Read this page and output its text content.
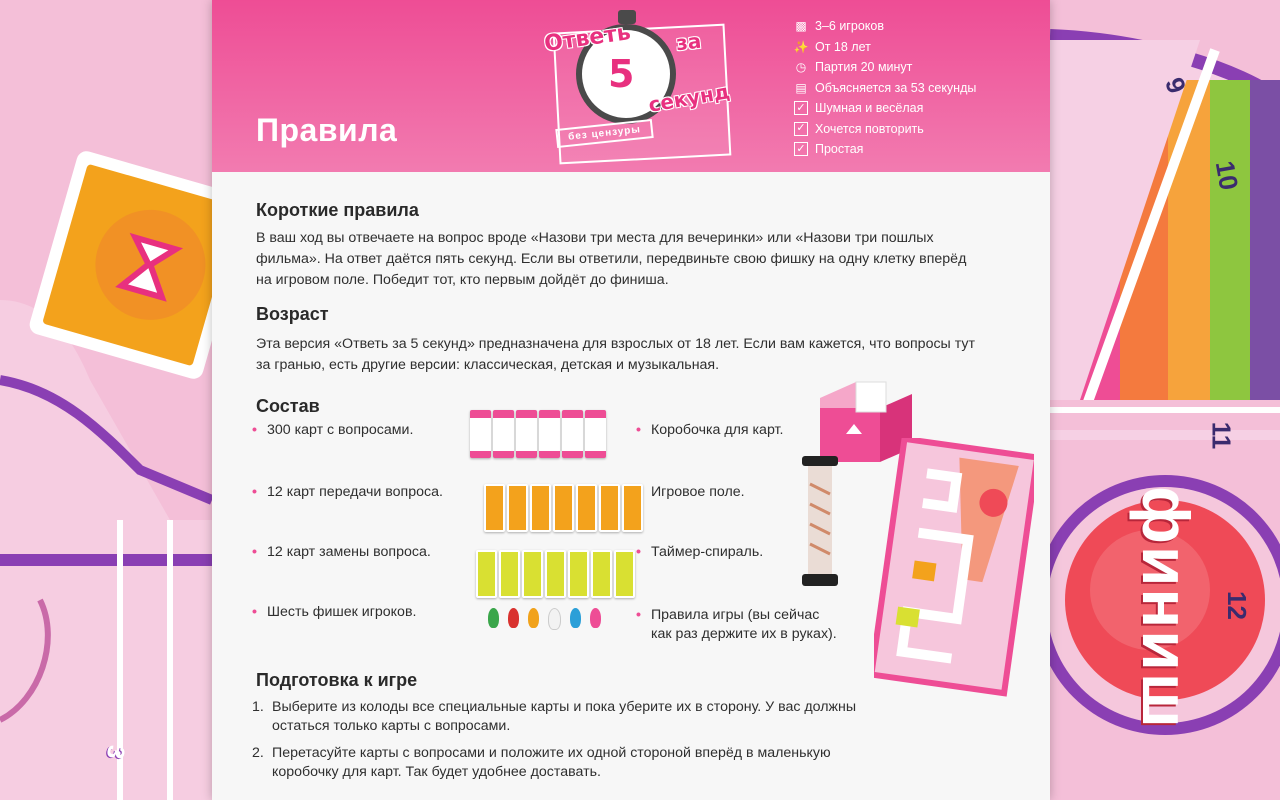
9
10
11
12
3
финиш
Правила
Ответь за
5
секунд
без цензуры
▩ 3–6 игроков
✨ От 18 лет
◷ Партия 20 минут
▤ Объясняется за 53 секунды
✓ Шумная и весёлая
✓ Хочется повторить
✓ Простая
Короткие правила
В ваш ход вы отвечаете на вопрос вроде «Назови три места для вечеринки» или «Назови три пошлых фильма». На ответ даётся пять секунд. Если вы ответили, передвиньте свою фишку на одну клетку вперёд на игровом поле. Победит тот, кто первым дойдёт до финиша.
Возраст
Эта версия «Ответь за 5 секунд» предназначена для взрослых от 18 лет. Если вам кажется, что вопросы тут за гранью, есть другие версии: классическая, детская и музыкальная.
Состав
• 300 карт с вопросами.
• 12 карт передачи вопроса.
• 12 карт замены вопроса.
• Шесть фишек игроков.
• Коробочка для карт.
Игровое поле.
• Таймер-спираль.
• Правила игры (вы сейчас
как раз держите их в руках).
Подготовка к игре
1. Выберите из колоды все специальные карты и пока уберите их в сторону. У вас должны
остаться только карты с вопросами.
2. Перетасуйте карты с вопросами и положите их одной стороной вперёд в маленькую
коробочку для карт. Так будет удобнее доставать.
